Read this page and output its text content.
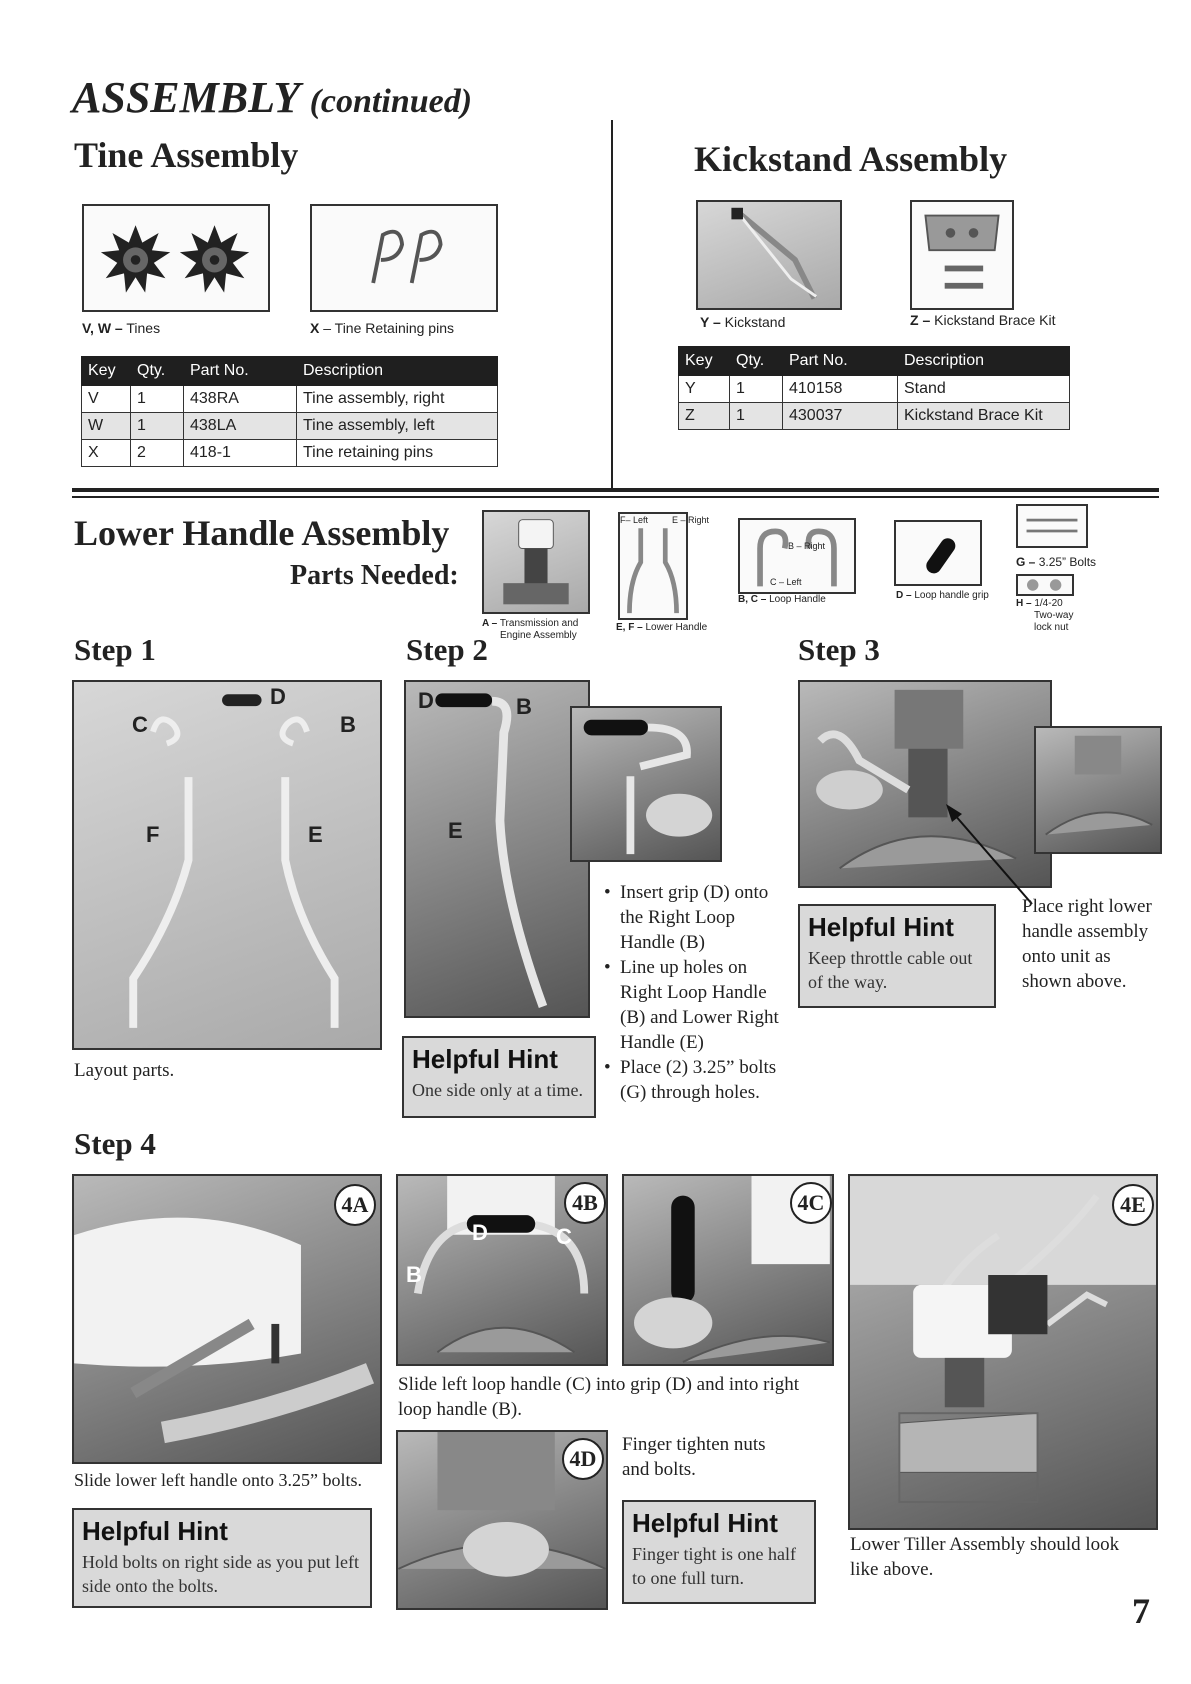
ASSEMBLY (continued)
Tine Assembly
V, W – Tines	X – Tine Retaining pins
Key	Qty.	Part No.	Description
V	1	438RA	Tine assembly, right
W	1	438LA	Tine assembly, left
X	2	418-1	Tine retaining pins
Kickstand Assembly
Y – Kickstand	Z – Kickstand Brace Kit
Key	Qty.	Part No.	Description
Y	1	410158	Stand
Z	1	430037	Kickstand Brace Kit
Lower Handle Assembly
Parts Needed:
A – Transmission and
Engine Assembly
F– Left	E – Right
E, F – Lower Handle
B – Right
C – Left
B, C – Loop Handle	D – Loop handle grip
G – 3.25” Bolts
H – 1/4-20
Two-way
lock nut
Step 1
C
D
B
F	E
Layout parts.
Step 2
D	B
E
Helpful Hint
One side only at a time.
• Insert grip (D) onto the Right Loop Handle (B)
• Line up holes on Right Loop Handle (B) and Lower Right Handle (E)
• Place (2) 3.25” bolts (G) through holes.
Step 3
Helpful Hint
Keep throttle cable out of the way.
Place right lower handle assembly onto unit as shown above.
Step 4
4A
Slide lower left handle onto 3.25” bolts.
Helpful Hint
Hold bolts on right side as you put left side onto the bolts.
D	C
B
4B	4C
Slide left loop handle (C) into grip (D) and into right loop handle (B).
4D
Finger tighten nuts and bolts.
Helpful Hint
Finger tight is one half to one full turn.
4E
Lower Tiller Assembly should look like above.
7
